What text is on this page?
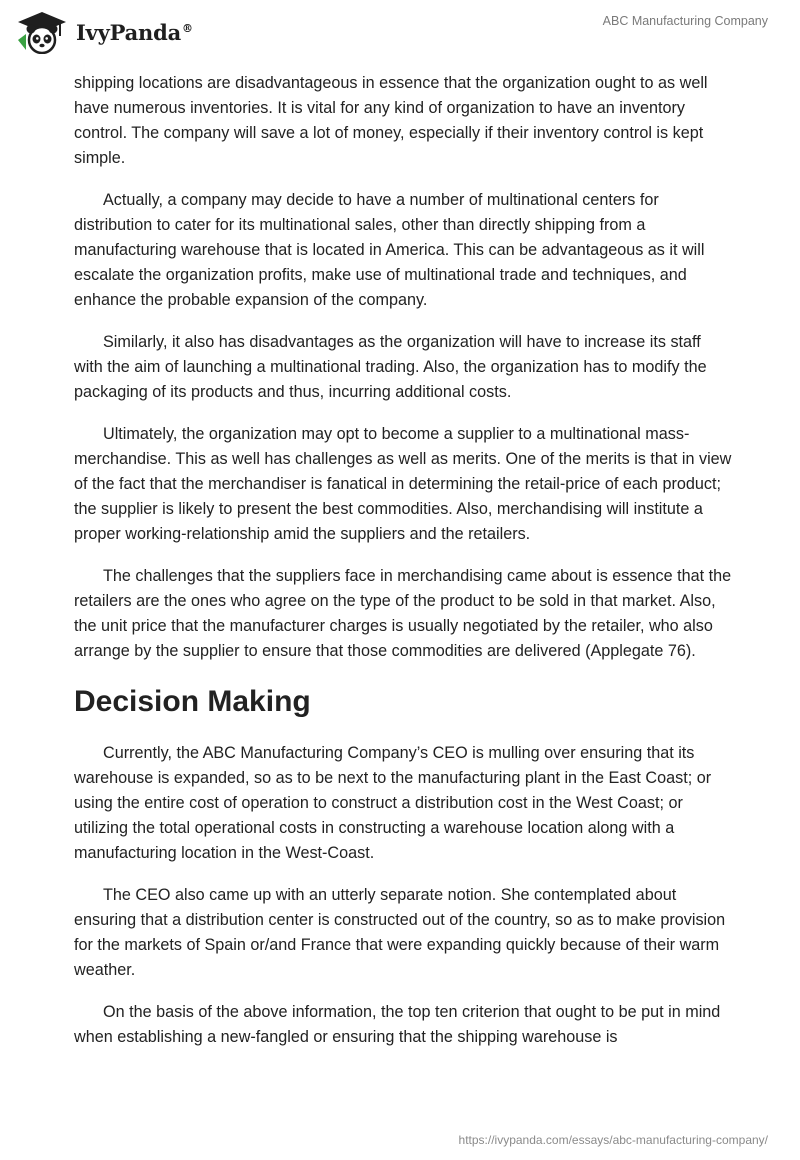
IvyPanda®	ABC Manufacturing Company

shipping locations are disadvantageous in essence that the organization ought to as well have numerous inventories. It is vital for any kind of organization to have an inventory control. The company will save a lot of money, especially if their inventory control is kept simple.

Actually, a company may decide to have a number of multinational centers for distribution to cater for its multinational sales, other than directly shipping from a manufacturing warehouse that is located in America. This can be advantageous as it will escalate the organization profits, make use of multinational trade and techniques, and enhance the probable expansion of the company.

Similarly, it also has disadvantages as the organization will have to increase its staff with the aim of launching a multinational trading. Also, the organization has to modify the packaging of its products and thus, incurring additional costs.

Ultimately, the organization may opt to become a supplier to a multinational mass-merchandise. This as well has challenges as well as merits. One of the merits is that in view of the fact that the merchandiser is fanatical in determining the retail-price of each product; the supplier is likely to present the best commodities. Also, merchandising will institute a proper working-relationship amid the suppliers and the retailers.

The challenges that the suppliers face in merchandising came about is essence that the retailers are the ones who agree on the type of the product to be sold in that market. Also, the unit price that the manufacturer charges is usually negotiated by the retailer, who also arrange by the supplier to ensure that those commodities are delivered (Applegate 76).

Decision Making

Currently, the ABC Manufacturing Company’s CEO is mulling over ensuring that its warehouse is expanded, so as to be next to the manufacturing plant in the East Coast; or using the entire cost of operation to construct a distribution cost in the West Coast; or utilizing the total operational costs in constructing a warehouse location along with a manufacturing location in the West-Coast.

The CEO also came up with an utterly separate notion. She contemplated about ensuring that a distribution center is constructed out of the country, so as to make provision for the markets of Spain or/and France that were expanding quickly because of their warm weather.

On the basis of the above information, the top ten criterion that ought to be put in mind when establishing a new-fangled or ensuring that the shipping warehouse is

https://ivypanda.com/essays/abc-manufacturing-company/
